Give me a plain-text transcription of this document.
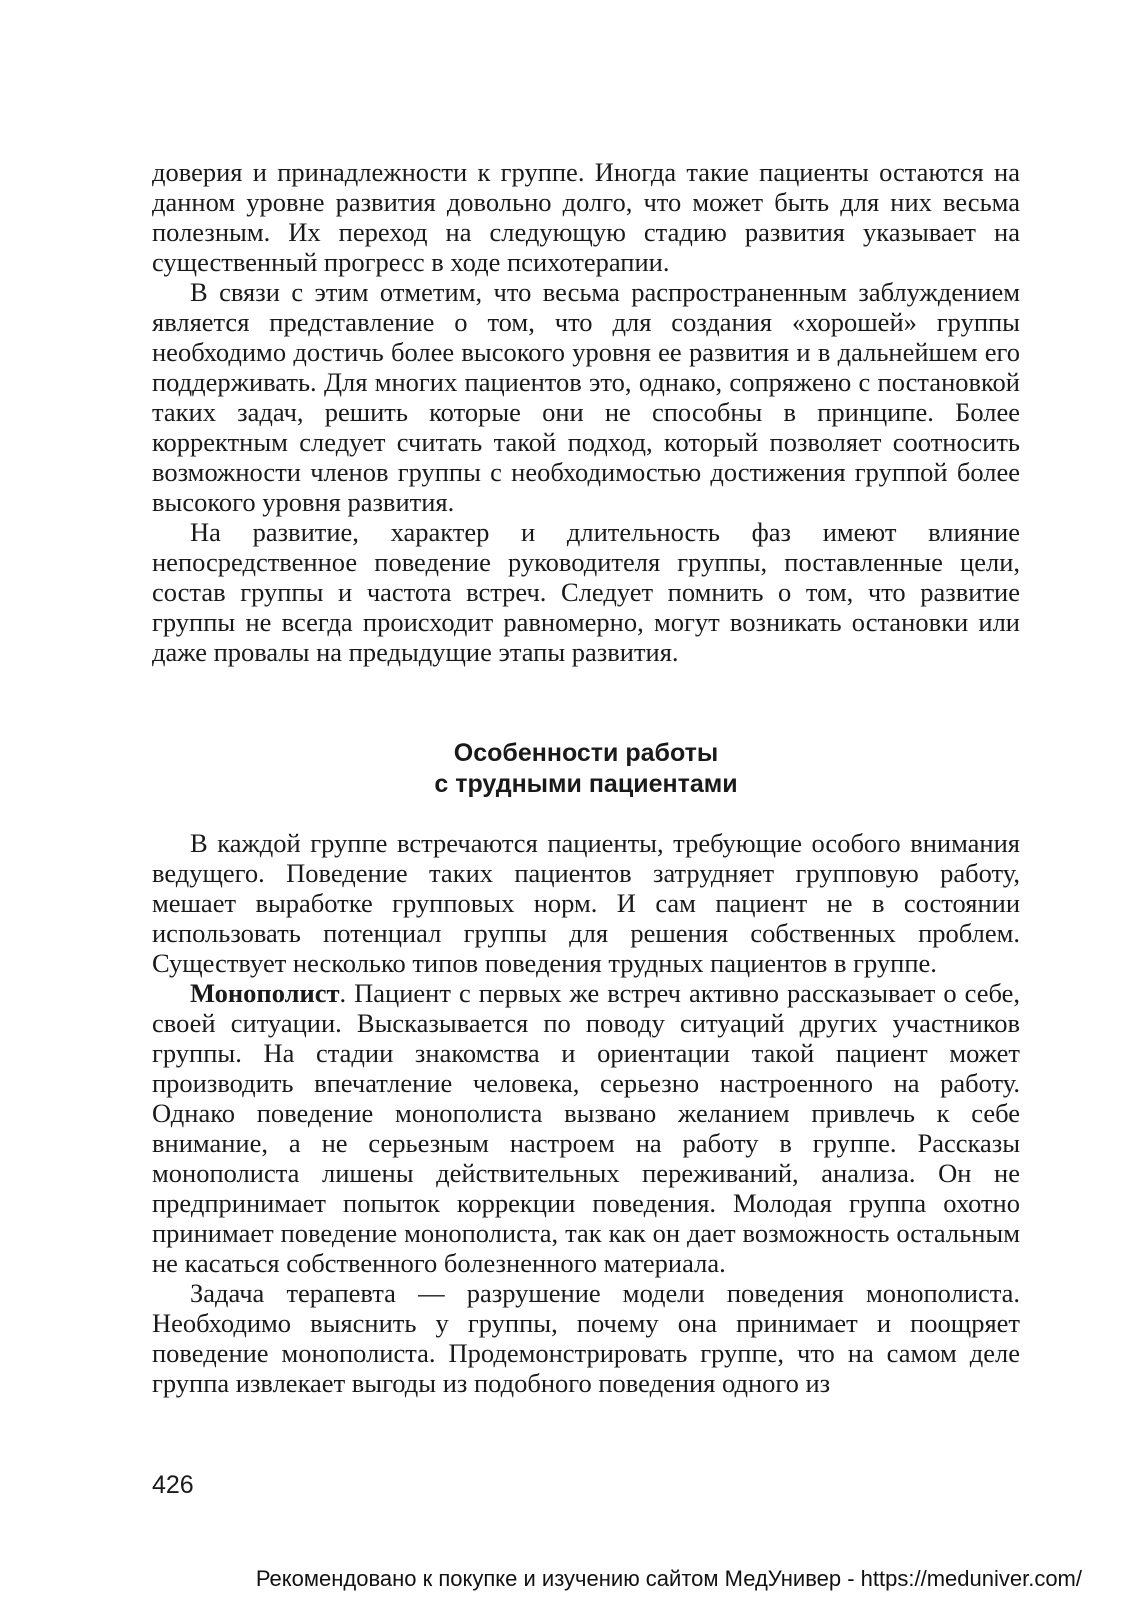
доверия и принадлежности к группе. Иногда такие пациенты остаются на данном уровне развития довольно долго, что может быть для них весьма полезным. Их переход на следующую стадию развития указывает на существенный прогресс в ходе психотерапии.

В связи с этим отметим, что весьма распространенным заблуждением является представление о том, что для создания «хорошей» группы необходимо достичь более высокого уровня ее развития и в дальнейшем его поддерживать. Для многих пациентов это, однако, сопряжено с постановкой таких задач, решить которые они не способны в принципе. Более корректным следует считать такой подход, который позволяет соотносить возможности членов группы с необходимостью достижения группой более высокого уровня развития.

На развитие, характер и длительность фаз имеют влияние непосредственное поведение руководителя группы, поставленные цели, состав группы и частота встреч. Следует помнить о том, что развитие группы не всегда происходит равномерно, могут возникать остановки или даже провалы на предыдущие этапы развития.

Особенности работы
с трудными пациентами

В каждой группе встречаются пациенты, требующие особого внимания ведущего. Поведение таких пациентов затрудняет групповую работу, мешает выработке групповых норм. И сам пациент не в состоянии использовать потенциал группы для решения собственных проблем. Существует несколько типов поведения трудных пациентов в группе.

Монополист. Пациент с первых же встреч активно рассказывает о себе, своей ситуации. Высказывается по поводу ситуаций других участников группы. На стадии знакомства и ориентации такой пациент может производить впечатление человека, серьезно настроенного на работу. Однако поведение монополиста вызвано желанием привлечь к себе внимание, а не серьезным настроем на работу в группе. Рассказы монополиста лишены действительных переживаний, анализа. Он не предпринимает попыток коррекции поведения. Молодая группа охотно принимает поведение монополиста, так как он дает возможность остальным не касаться собственного болезненного материала.

Задача терапевта — разрушение модели поведения монополиста. Необходимо выяснить у группы, почему она принимает и поощряет поведение монополиста. Продемонстрировать группе, что на самом деле группа извлекает выгоды из подобного поведения одного из

426
Рекомендовано к покупке и изучению сайтом МедУнивер - https://meduniver.com/
